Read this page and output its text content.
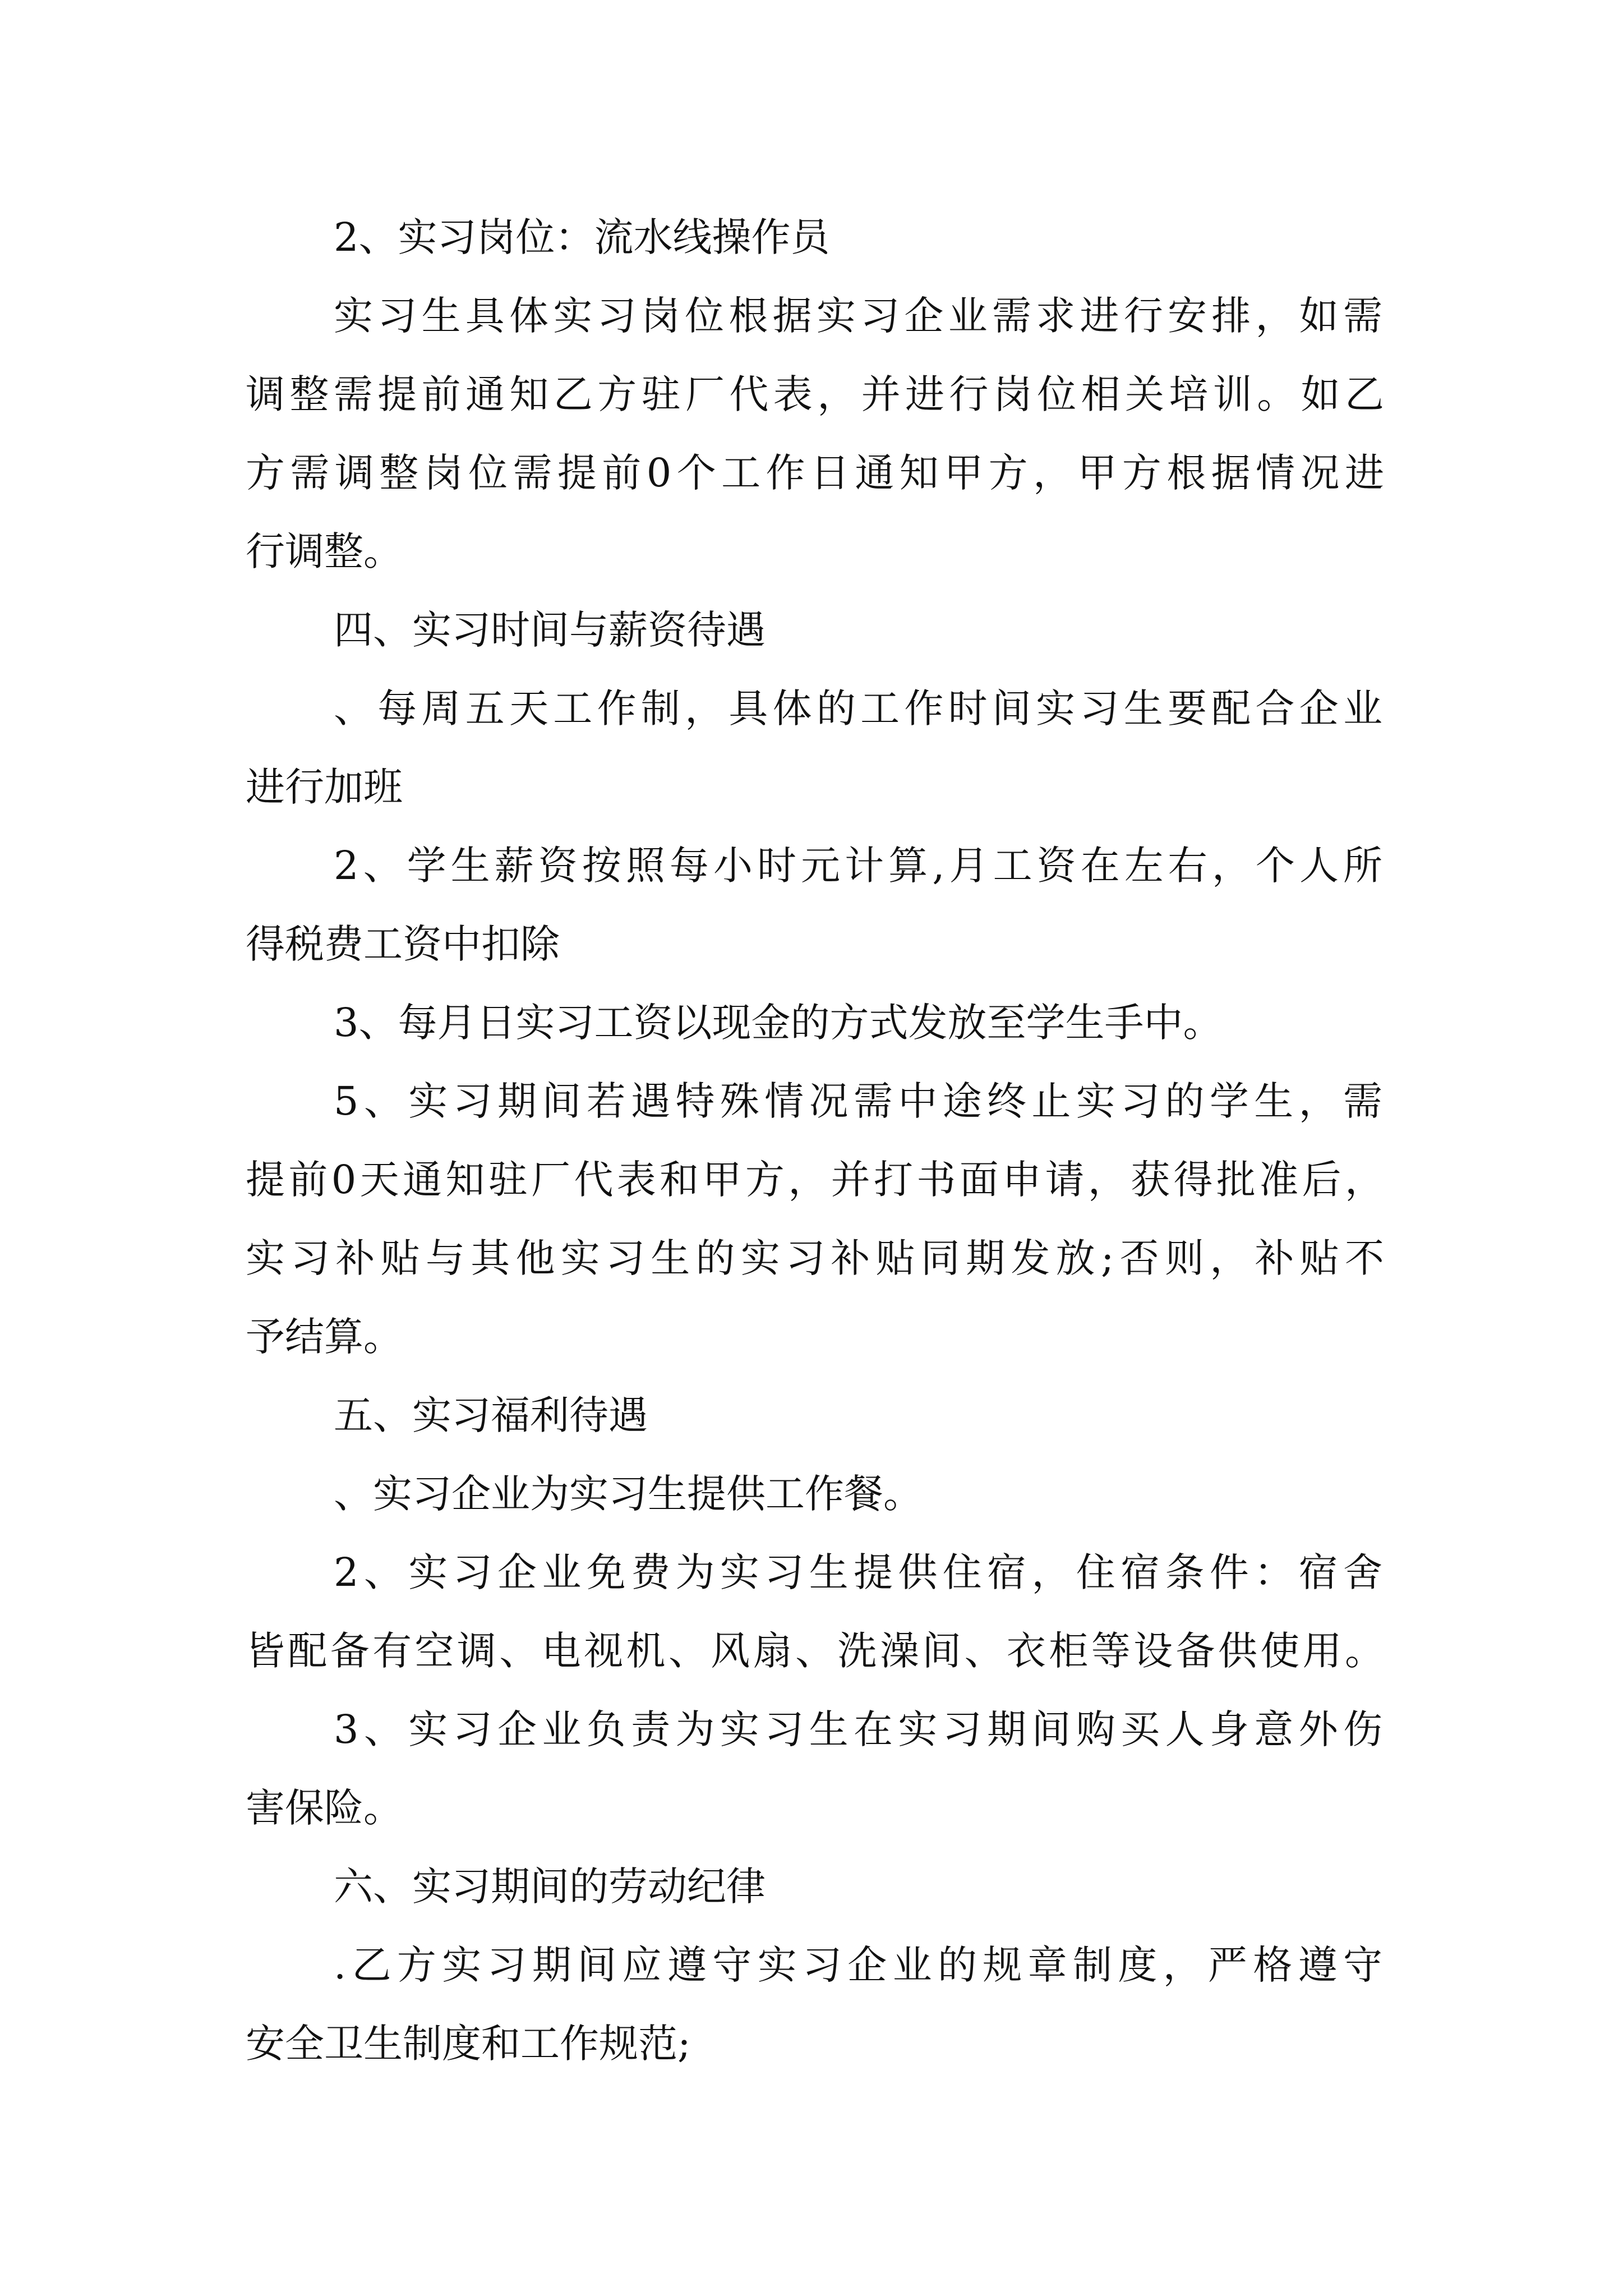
2、实习岗位：流水线操作员

实习生具体实习岗位根据实习企业需求进行安排，如需

调整需提前通知乙方驻厂代表，并进行岗位相关培训。如乙

方需调整岗位需提前0个工作日通知甲方，甲方根据情况进

行调整。

四、实习时间与薪资待遇

、每周五天工作制，具体的工作时间实习生要配合企业

进行加班

2、学生薪资按照每小时元计算,月工资在左右，个人所

得税费工资中扣除

3、每月日实习工资以现金的方式发放至学生手中。

5、实习期间若遇特殊情况需中途终止实习的学生，需

提前0天通知驻厂代表和甲方，并打书面申请，获得批准后，

实习补贴与其他实习生的实习补贴同期发放;否则，补贴不

予结算。

五、实习福利待遇

、实习企业为实习生提供工作餐。

2、实习企业免费为实习生提供住宿，住宿条件：宿舍

皆配备有空调、电视机、风扇、洗澡间、衣柜等设备供使用。

3、实习企业负责为实习生在实习期间购买人身意外伤

害保险。

六、实习期间的劳动纪律

.乙方实习期间应遵守实习企业的规章制度，严格遵守

安全卫生制度和工作规范;
